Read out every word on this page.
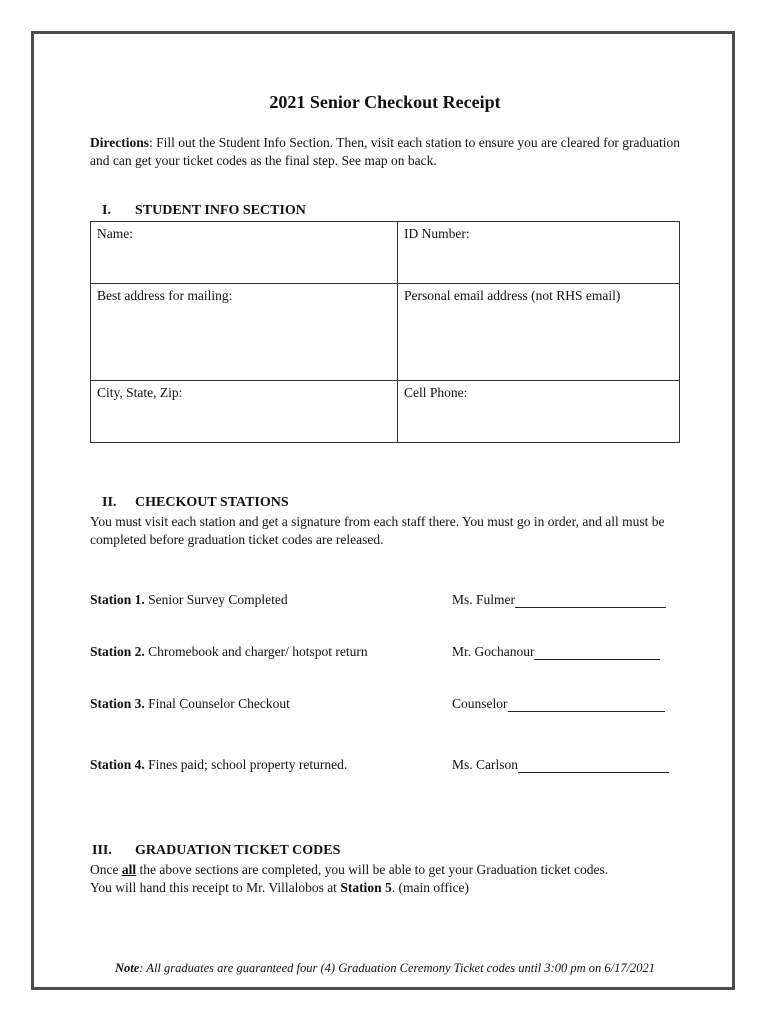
2021 Senior Checkout Receipt
Directions: Fill out the Student Info Section. Then, visit each station to ensure you are cleared for graduation and can get your ticket codes as the final step. See map on back.
I. STUDENT INFO SECTION
Name:	ID Number:
Best address for mailing:	Personal email address (not RHS email)
City, State, Zip:	Cell Phone:
II. CHECKOUT STATIONS
You must visit each station and get a signature from each staff there. You must go in order, and all must be completed before graduation ticket codes are released.
Station 1. Senior Survey Completed	Ms. Fulmer
Station 2. Chromebook and charger/ hotspot return	Mr. Gochanour
Station 3. Final Counselor Checkout	Counselor
Station 4. Fines paid; school property returned.	Ms. Carlson
III. GRADUATION TICKET CODES
Once all the above sections are completed, you will be able to get your Graduation ticket codes.
You will hand this receipt to Mr. Villalobos at Station 5. (main office)
Note: All graduates are guaranteed four (4) Graduation Ceremony Ticket codes until 3:00 pm on 6/17/2021
